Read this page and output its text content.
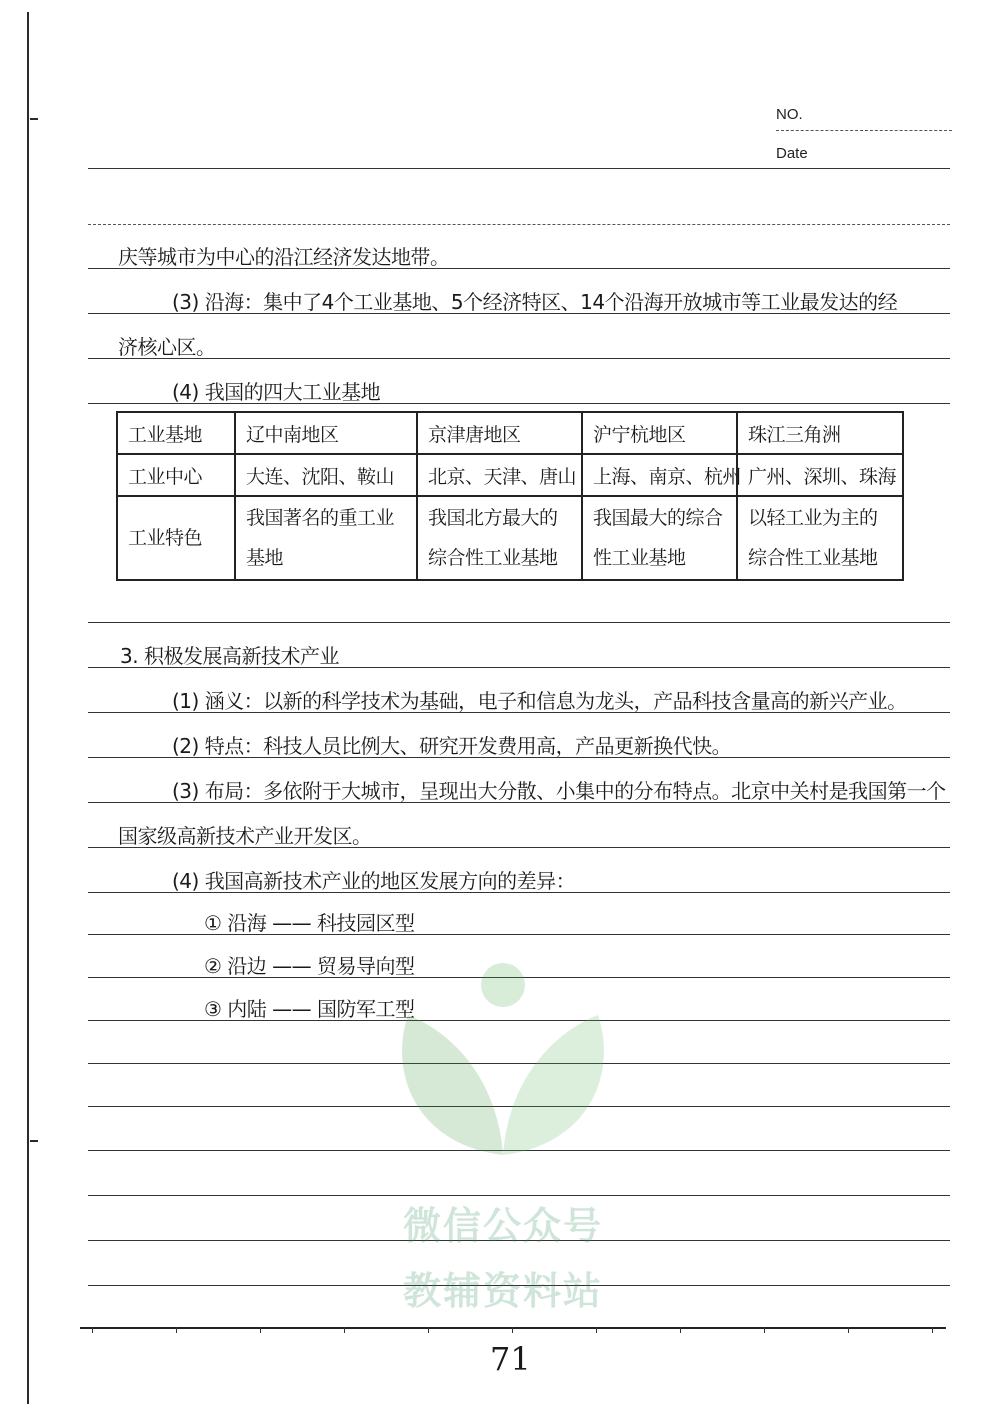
NO.
Date
微信公众号
教辅资料站
庆等城市为中心的沿江经济发达地带。
(3) 沿海：集中了4个工业基地、5个经济特区、14个沿海开放城市等工业最发达的经
济核心区。
(4) 我国的四大工业基地
工业基地	辽中南地区	京津唐地区	沪宁杭地区	珠江三角洲
工业中心	大连、沈阳、鞍山	北京、天津、唐山	上海、南京、杭州	广州、深圳、珠海
工业特色	我国著名的重工业基地	我国北方最大的综合性工业基地	我国最大的综合性工业基地	以轻工业为主的综合性工业基地
3. 积极发展高新技术产业
(1) 涵义：以新的科学技术为基础，电子和信息为龙头，产品科技含量高的新兴产业。
(2) 特点：科技人员比例大、研究开发费用高，产品更新换代快。
(3) 布局：多依附于大城市，呈现出大分散、小集中的分布特点。北京中关村是我国第一个
国家级高新技术产业开发区。
(4) 我国高新技术产业的地区发展方向的差异：
① 沿海 —— 科技园区型
② 沿边 —— 贸易导向型
③ 内陆 —— 国防军工型
71
